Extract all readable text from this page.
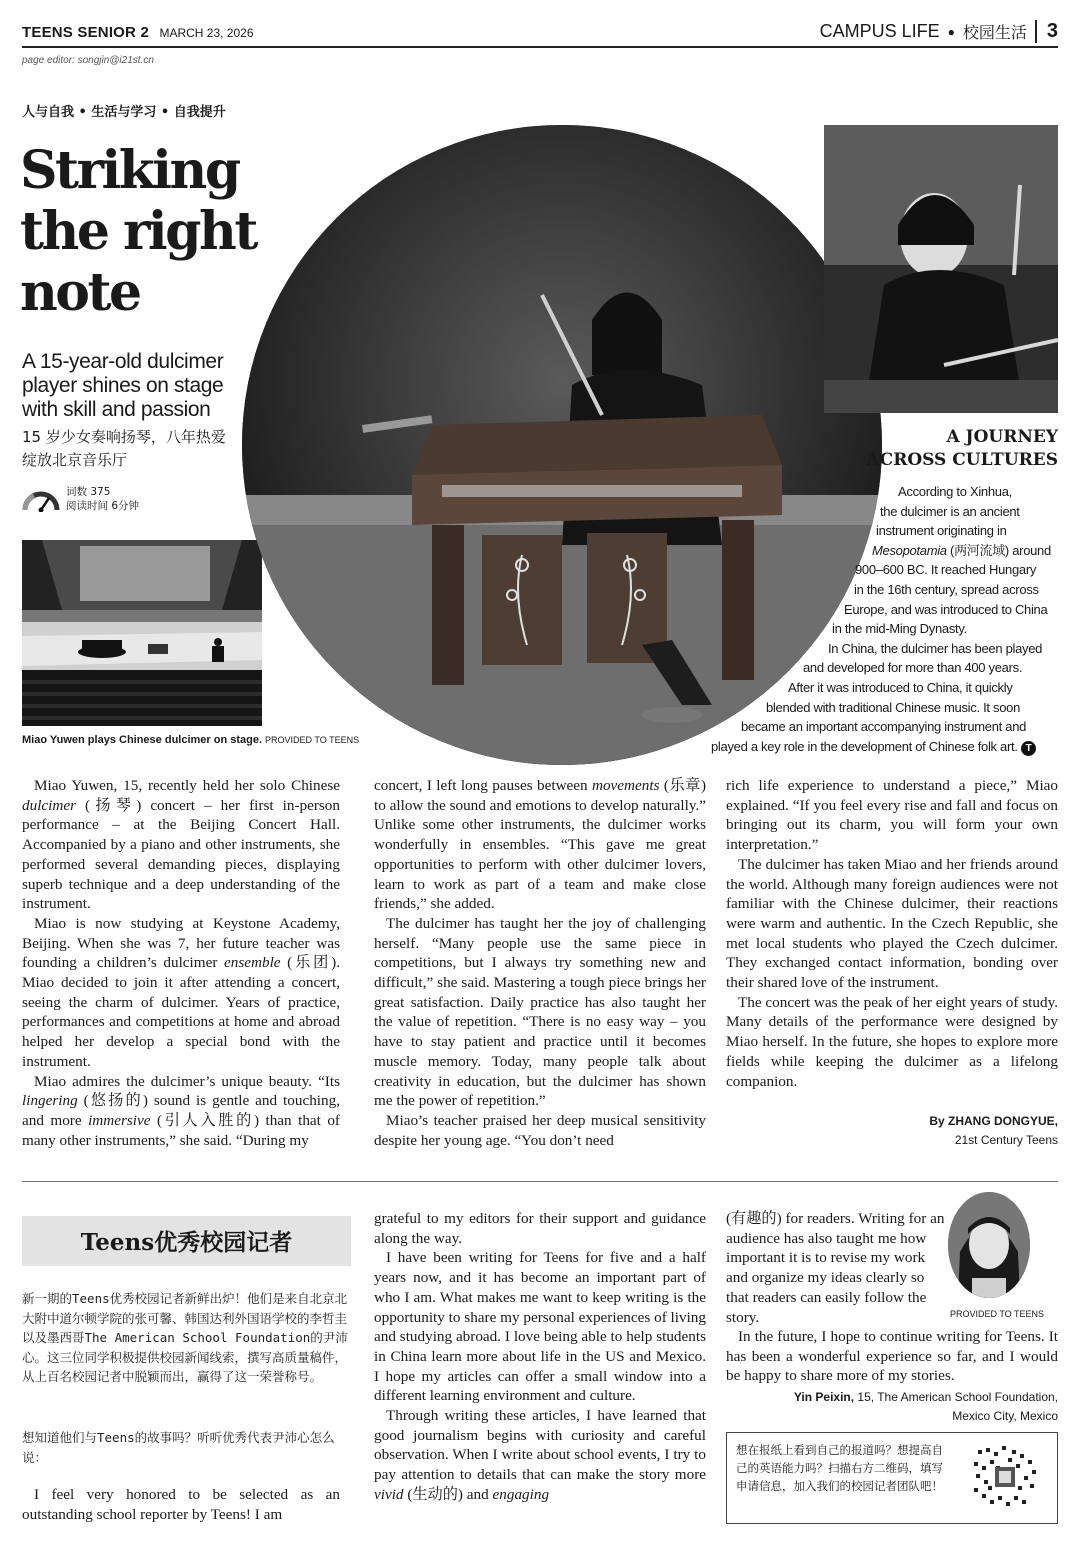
TEENS SENIOR 2 MARCH 23, 2026	CAMPUS LIFE ● 校园生活	3
page editor: songjin@i21st.cn
人与自我 • 生活与学习 • 自我提升
Striking
the right
note
A 15-year-old dulcimer player shines on stage with skill and passion
15 岁少女奏响扬琴，八年热爱绽放北京音乐厅
词数 375
阅读时间 6分钟
Miao Yuwen plays Chinese dulcimer on stage. PROVIDED TO TEENS
A JOURNEY
ACROSS CULTURES

According to Xinhua,

the dulcimer is an ancient

instrument originating in

Mesopotamia (两河流域) around

900–600 BC. It reached Hungary

in the 16th century, spread across

Europe, and was introduced to China

in the mid-Ming Dynasty.

In China, the dulcimer has been played

and developed for more than 400 years.

After it was introduced to China, it quickly

blended with traditional Chinese music. It soon

became an important accompanying instrument and

played a key role in the development of Chinese folk art. T

Miao Yuwen, 15, recently held her solo Chinese dulcimer (扬琴) concert – her first in-person performance – at the Beijing Concert Hall. Accompanied by a piano and other instruments, she performed several demanding pieces, displaying superb technique and a deep understanding of the instrument.

Miao is now studying at Keystone Academy, Beijing. When she was 7, her future teacher was founding a children’s dulcimer ensemble (乐团). Miao decided to join it after attending a concert, seeing the charm of dulcimer. Years of practice, performances and competitions at home and abroad helped her develop a special bond with the instrument.

Miao admires the dulcimer’s unique beauty. “Its lingering (悠扬的) sound is gentle and touching, and more immersive (引人入胜的) than that of many other instruments,” she said. “During my

concert, I left long pauses between movements (乐章) to allow the sound and emotions to develop naturally.” Unlike some other instruments, the dulcimer works wonderfully in ensembles. “This gave me great opportunities to perform with other dulcimer lovers, learn to work as part of a team and make close friends,” she added.

The dulcimer has taught her the joy of challenging herself. “Many people use the same piece in competitions, but I always try something new and difficult,” she said. Mastering a tough piece brings her great satisfaction. Daily practice has also taught her the value of repetition. “There is no easy way – you have to stay patient and practice until it becomes muscle memory. Today, many people talk about creativity in education, but the dulcimer has shown me the power of repetition.”

Miao’s teacher praised her deep musical sensitivity despite her young age. “You don’t need

rich life experience to understand a piece,” Miao explained. “If you feel every rise and fall and focus on bringing out its charm, you will form your own interpretation.”

The dulcimer has taken Miao and her friends around the world. Although many foreign audiences were not familiar with the Chinese dulcimer, their reactions were warm and authentic. In the Czech Republic, she met local students who played the Czech dulcimer. They exchanged contact information, bonding over their shared love of the instrument.

The concert was the peak of her eight years of study. Many details of the performance were designed by Miao herself. In the future, she hopes to explore more fields while keeping the dulcimer as a lifelong companion.

By ZHANG DONGYUE,
21st Century Teens
Teens优秀校园记者
新一期的Teens优秀校园记者新鲜出炉！他们是来自北京北大附中道尔顿学院的张可馨、韩国达利外国语学校的李哲圭以及墨西哥The American School Foundation的尹沛心。这三位同学积极提供校园新闻线索，撰写高质量稿件，从上百名校园记者中脱颖而出，赢得了这一荣誉称号。
想知道他们与Teens的故事吗？听听优秀代表尹沛心怎么说：

I feel very honored to be selected as an outstanding school reporter by Teens! I am

grateful to my editors for their support and guidance along the way.

I have been writing for Teens for five and a half years now, and it has become an important part of who I am. What makes me want to keep writing is the opportunity to share my personal experiences of living and studying abroad. I love being able to help students in China learn more about life in the US and Mexico. I hope my articles can offer a small window into a different learning environment and culture.

Through writing these articles, I have learned that good journalism begins with curiosity and careful observation. When I write about school events, I try to pay attention to details that can make the story more vivid (生动的) and engaging

(有趣的) for readers. Writing for an audience has also taught me how important it is to revise my work and organize my ideas clearly so that readers can easily follow the story.

In the future, I hope to continue writing for Teens. It has been a wonderful experience so far, and I would be happy to share more of my stories.

PROVIDED TO TEENS
Yin Peixin, 15, The American School Foundation,
Mexico City, Mexico
想在报纸上看到自己的报道吗？想提高自己的英语能力吗？扫描右方二维码，填写申请信息，加入我们的校园记者团队吧！
